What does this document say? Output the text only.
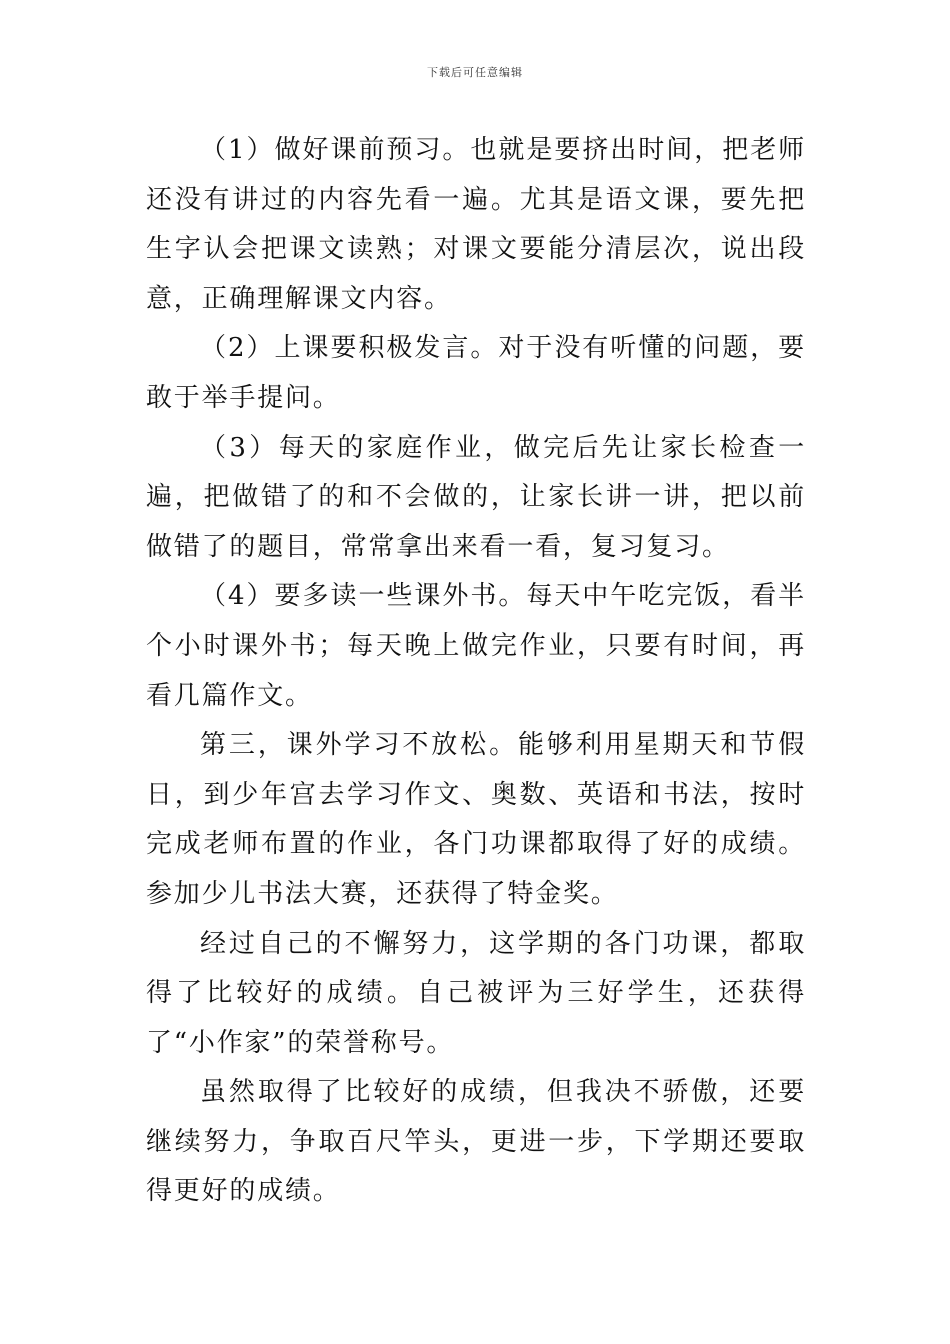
下载后可任意编辑

（1）做好课前预习。也就是要挤出时间，把老师还没有讲过的内容先看一遍。尤其是语文课，要先把生字认会把课文读熟；对课文要能分清层次，说出段意，正确理解课文内容。

（2）上课要积极发言。对于没有听懂的问题，要敢于举手提问。

（3）每天的家庭作业，做完后先让家长检查一遍，把做错了的和不会做的，让家长讲一讲，把以前做错了的题目，常常拿出来看一看，复习复习。

（4）要多读一些课外书。每天中午吃完饭，看半个小时课外书；每天晚上做完作业，只要有时间，再看几篇作文。

第三，课外学习不放松。能够利用星期天和节假日，到少年宫去学习作文、奥数、英语和书法，按时完成老师布置的作业，各门功课都取得了好的成绩。参加少儿书法大赛，还获得了特金奖。

经过自己的不懈努力，这学期的各门功课，都取得了比较好的成绩。自己被评为三好学生，还获得了“小作家”的荣誉称号。

虽然取得了比较好的成绩，但我决不骄傲，还要继续努力，争取百尺竿头，更进一步，下学期还要取得更好的成绩。
